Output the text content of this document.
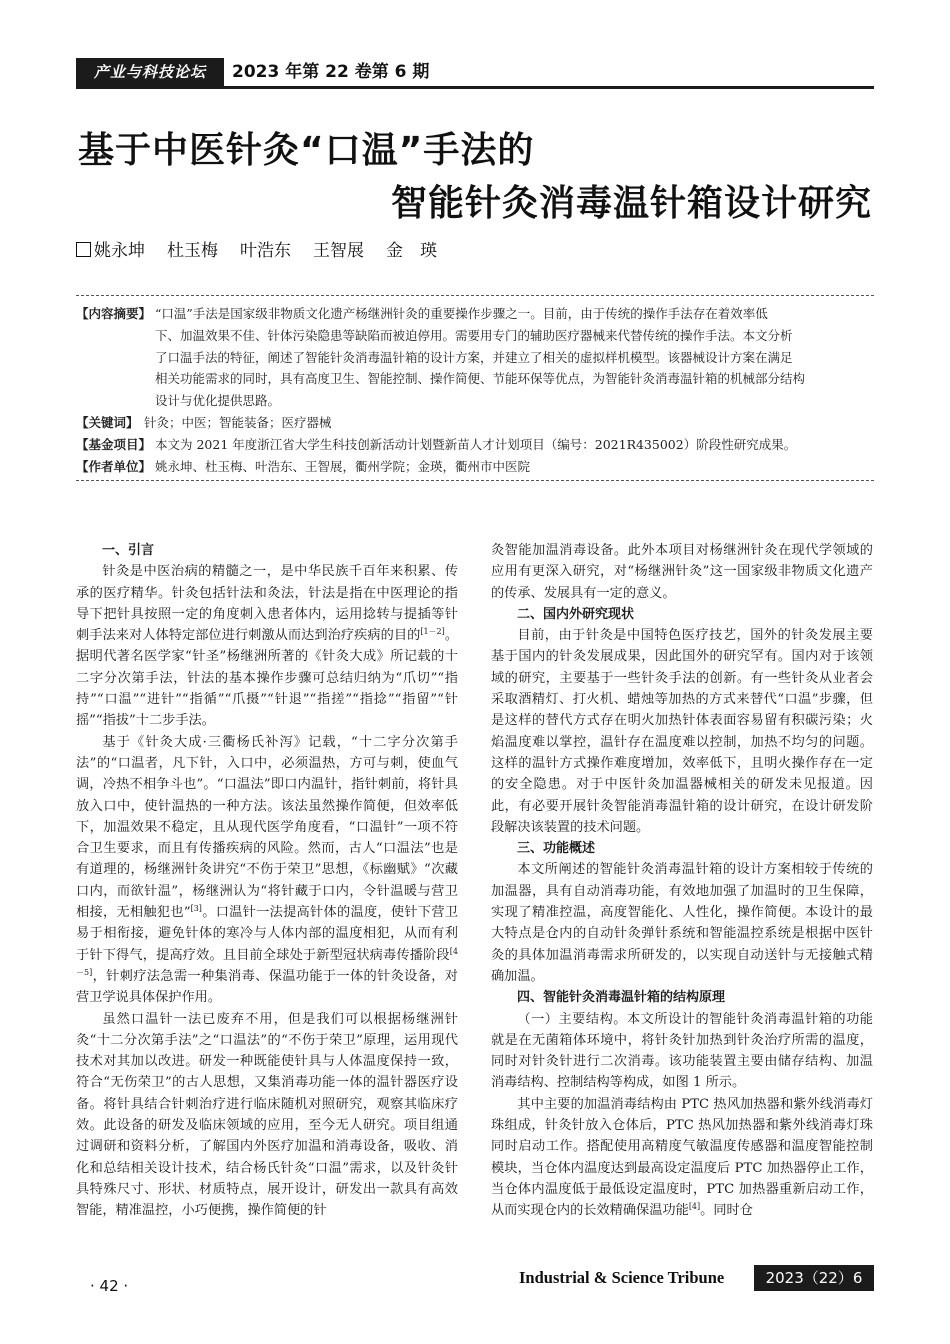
产业与科技论坛	2023 年第 22 卷第 6 期
基于中医针灸“口温”手法的
智能针灸消毒温针箱设计研究
姚永坤 杜玉梅 叶浩东 王智展 金　瑛
【内容摘要】 “口温”手法是国家级非物质文化遗产杨继洲针灸的重要操作步骤之一。目前，由于传统的操作手法存在着效率低
下、加温效果不佳、针体污染隐患等缺陷而被迫停用。需要用专门的辅助医疗器械来代替传统的操作手法。本文分析
了口温手法的特征，阐述了智能针灸消毒温针箱的设计方案，并建立了相关的虚拟样机模型。该器械设计方案在满足
相关功能需求的同时，具有高度卫生、智能控制、操作简便、节能环保等优点，为智能针灸消毒温针箱的机械部分结构
设计与优化提供思路。
【关键词】 针灸；中医；智能装备；医疗器械
【基金项目】 本文为 2021 年度浙江省大学生科技创新活动计划暨新苗人才计划项目（编号：2021R435002）阶段性研究成果。
【作者单位】 姚永坤、杜玉梅、叶浩东、王智展，衢州学院；金瑛，衢州市中医院
一、引言

针灸是中医治病的精髓之一，是中华民族千百年来积累、传承的医疗精华。针灸包括针法和灸法，针法是指在中医理论的指导下把针具按照一定的角度刺入患者体内，运用捻转与提插等针刺手法来对人体特定部位进行刺激从而达到治疗疾病的目的[1－2]。据明代著名医学家“针圣”杨继洲所著的《针灸大成》所记载的十二字分次第手法，针法的基本操作步骤可总结归纳为“爪切”“指持”“口温”“进针”“指循”“爪摄”“针退”“指搓”“指捻”“指留”“针摇”“指拔”十二步手法。

基于《针灸大成·三衢杨氏补泻》记载，“十二字分次第手法”的“口温者，凡下针，入口中，必须温热，方可与刺，使血气调，冷热不相争斗也”。“口温法”即口内温针，指针刺前，将针具放入口中，使针温热的一种方法。该法虽然操作简便，但效率低下，加温效果不稳定，且从现代医学角度看，“口温针”一项不符合卫生要求，而且有传播疾病的风险。然而，古人“口温法”也是有道理的，杨继洲针灸讲究“不伤于荣卫”思想，《标幽赋》“次藏口内，而欲针温”，杨继洲认为“将针藏于口内，令针温暖与营卫相接，无相触犯也”[3]。口温针一法提高针体的温度，使针下营卫易于相衔接，避免针体的寒冷与人体内部的温度相犯，从而有利于针下得气，提高疗效。且目前全球处于新型冠状病毒传播阶段[4－5]，针刺疗法急需一种集消毒、保温功能于一体的针灸设备，对营卫学说具体保护作用。

虽然口温针一法已废弃不用，但是我们可以根据杨继洲针灸“十二分次第手法”之“口温法”的“不伤于荣卫”原理，运用现代技术对其加以改进。研发一种既能使针具与人体温度保持一致，符合“无伤荣卫”的古人思想，又集消毒功能一体的温针器医疗设备。将针具结合针刺治疗进行临床随机对照研究，观察其临床疗效。此设备的研发及临床领域的应用，至今无人研究。项目组通过调研和资料分析，了解国内外医疗加温和消毒设备，吸收、消化和总结相关设计技术，结合杨氏针灸“口温”需求，以及针灸针具特殊尺寸、形状、材质特点，展开设计，研发出一款具有高效智能，精准温控，小巧便携，操作简便的针

灸智能加温消毒设备。此外本项目对杨继洲针灸在现代学领域的应用有更深入研究，对“杨继洲针灸”这一国家级非物质文化遗产的传承、发展具有一定的意义。

二、国内外研究现状

目前，由于针灸是中国特色医疗技艺，国外的针灸发展主要基于国内的针灸发展成果，因此国外的研究罕有。国内对于该领域的研究，主要基于一些针灸手法的创新。有一些针灸从业者会采取酒精灯、打火机、蜡烛等加热的方式来替代“口温”步骤，但是这样的替代方式存在明火加热针体表面容易留有积碳污染；火焰温度难以掌控，温针存在温度难以控制，加热不均匀的问题。这样的温针方式操作难度增加，效率低下，且明火操作存在一定的安全隐患。对于中医针灸加温器械相关的研发未见报道。因此，有必要开展针灸智能消毒温针箱的设计研究，在设计研发阶段解决该装置的技术问题。

三、功能概述

本文所阐述的智能针灸消毒温针箱的设计方案相较于传统的加温器，具有自动消毒功能，有效地加强了加温时的卫生保障，实现了精准控温，高度智能化、人性化，操作简便。本设计的最大特点是仓内的自动针灸弹针系统和智能温控系统是根据中医针灸的具体加温消毒需求所研发的，以实现自动送针与无接触式精确加温。

四、智能针灸消毒温针箱的结构原理

（一）主要结构。本文所设计的智能针灸消毒温针箱的功能就是在无菌箱体环境中，将针灸针加热到针灸治疗所需的温度，同时对针灸针进行二次消毒。该功能装置主要由储存结构、加温消毒结构、控制结构等构成，如图 1 所示。

其中主要的加温消毒结构由 PTC 热风加热器和紫外线消毒灯珠组成，针灸针放入仓体后，PTC 热风加热器和紫外线消毒灯珠同时启动工作。搭配使用高精度气敏温度传感器和温度智能控制模块，当仓体内温度达到最高设定温度后 PTC 加热器停止工作，当仓体内温度低于最低设定温度时，PTC 加热器重新启动工作，从而实现仓内的长效精确保温功能[4]。同时仓

· 42 ·	Industrial & Science Tribune	2023（22）6
